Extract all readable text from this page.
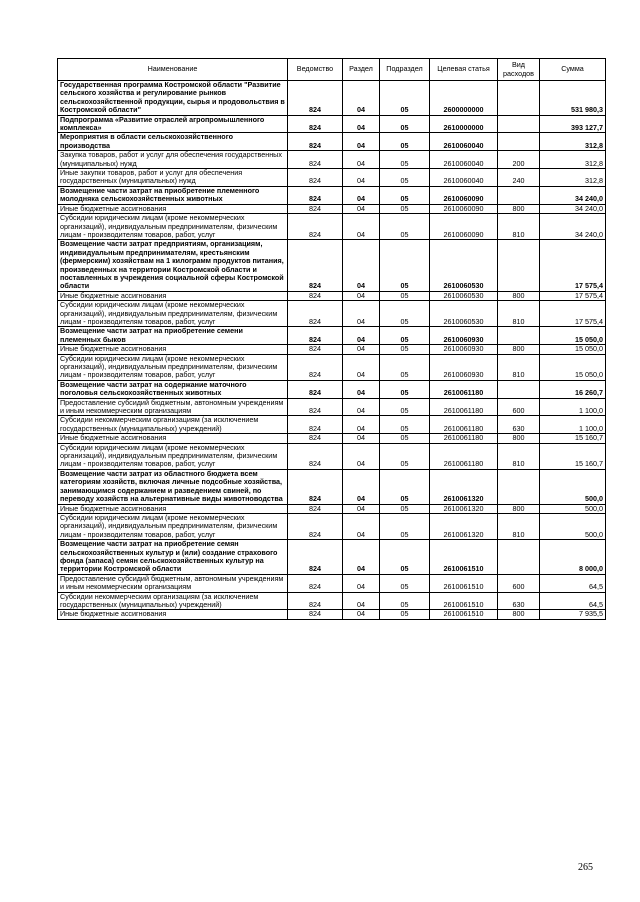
Наименование	Ведомство	Раздел	Подраздел	Целевая статья	Вид расходов	Сумма
Государственная программа Костромской области "Развитие сельского хозяйства и регулирование рынков сельскохозяйственной продукции, сырья и продовольствия в Костромской области"	824	04	05	2600000000		531 980,3
Подпрограмма «Развитие отраслей агропромышленного комплекса»	824	04	05	2610000000		393 127,7
Мероприятия в области сельскохозяйственного производства	824	04	05	2610060040		312,8
Закупка товаров, работ и услуг для обеспечения государственных (муниципальных) нужд	824	04	05	2610060040	200	312,8
Иные закупки товаров, работ и услуг для обеспечения государственных (муниципальных) нужд	824	04	05	2610060040	240	312,8
Возмещение части затрат на приобретение племенного молодняка сельскохозяйственных животных	824	04	05	2610060090		34 240,0
Иные бюджетные ассигнования	824	04	05	2610060090	800	34 240,0
Субсидии юридическим лицам (кроме некоммерческих организаций), индивидуальным предпринимателям, физическим лицам - производителям товаров, работ, услуг	824	04	05	2610060090	810	34 240,0
Возмещение части затрат предприятиям, организациям, индивидуальным предпринимателям, крестьянским (фермерским) хозяйствам на 1 килограмм продуктов питания, произведенных на территории Костромской области и поставленных в учреждения социальной сферы Костромской области	824	04	05	2610060530		17 575,4
Иные бюджетные ассигнования	824	04	05	2610060530	800	17 575,4
Субсидии юридическим лицам (кроме некоммерческих организаций), индивидуальным предпринимателям, физическим лицам - производителям товаров, работ, услуг	824	04	05	2610060530	810	17 575,4
Возмещение части затрат на приобретение семени племенных быков	824	04	05	2610060930		15 050,0
Иные бюджетные ассигнования	824	04	05	2610060930	800	15 050,0
Субсидии юридическим лицам (кроме некоммерческих организаций), индивидуальным предпринимателям, физическим лицам - производителям товаров, работ, услуг	824	04	05	2610060930	810	15 050,0
Возмещение части затрат на содержание маточного поголовья сельскохозяйственных животных	824	04	05	2610061180		16 260,7
Предоставление субсидий бюджетным, автономным учреждениям и иным некоммерческим организациям	824	04	05	2610061180	600	1 100,0
Субсидии некоммерческим организациям (за исключением государственных (муниципальных) учреждений)	824	04	05	2610061180	630	1 100,0
Иные бюджетные ассигнования	824	04	05	2610061180	800	15 160,7
Субсидии юридическим лицам (кроме некоммерческих организаций), индивидуальным предпринимателям, физическим лицам - производителям товаров, работ, услуг	824	04	05	2610061180	810	15 160,7
Возмещение части затрат из областного бюджета всем категориям хозяйств, включая личные подсобные хозяйства, занимающимся содержанием и разведением свиней, по переводу хозяйств на альтернативные виды животноводства	824	04	05	2610061320		500,0
Иные бюджетные ассигнования	824	04	05	2610061320	800	500,0
Субсидии юридическим лицам (кроме некоммерческих организаций), индивидуальным предпринимателям, физическим лицам - производителям товаров, работ, услуг	824	04	05	2610061320	810	500,0
Возмещение части затрат на приобретение семян сельскохозяйственных культур и (или) создание страхового фонда (запаса) семян сельскохозяйственных культур на территории Костромской области	824	04	05	2610061510		8 000,0
Предоставление субсидий бюджетным, автономным учреждениям и иным некоммерческим организациям	824	04	05	2610061510	600	64,5
Субсидии некоммерческим организациям (за исключением государственных (муниципальных) учреждений)	824	04	05	2610061510	630	64,5
Иные бюджетные ассигнования	824	04	05	2610061510	800	7 935,5
265
